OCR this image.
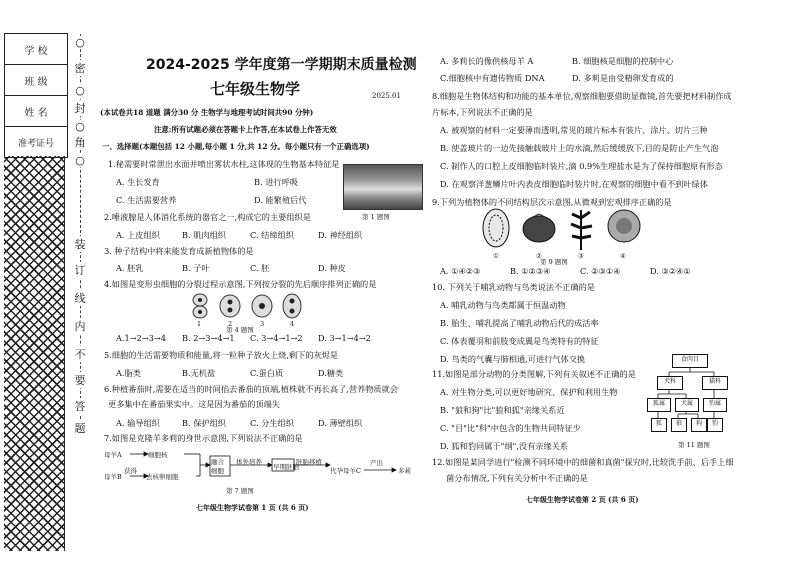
学 校
班 级
姓 名
准考证号
○
密
○
封
○
角
○
装
订
线
内
不
要
答
题
2024-2025 学年度第一学期期末质量检测
七年级生物学	2025.01
(本试卷共18 道题 满分30 分 生物学与地理考试时间共90 分钟)
注意:所有试题必须在答题卡上作答,在本试卷上作答无效
一、选择题(本题包括 12 小题,每小题 1 分,共 12 分。每小题只有一个正确选项)
1.秘需要时常泄出水面并喷出雾状水柱,这体现的生物基本特征是
A. 生长发育	B. 进行呼吸
C. 生活需要营养	D. 能繁殖后代
第 1 题图
2.唾液腺是人体消化系统的器官之一,构成它的主要组织是
A. 上皮组织	B. 肌肉组织	C. 结缔组织	D. 神经组织
3. 种子结构中将来能发育成新植物体的是
A. 胚乳	B. 子叶	C. 胚	D. 种皮
4.如图是变形虫细胞的分裂过程示意图,下列按分裂的先后顺序排列正确的是
1	2	3	4
第 4 题图
A.1→2→3→4 B. 2→3→4→1 C. 3→4→1→2 D. 3→1→4→2
5.细胞的生活需要物质和能量,将一粒种子放火上烧,剩下的灰烬是
A.脂类	B.无机盐	C.蛋白质	D.糖类
6.种植番茄时,需要在适当的时间掐去番茄的顶端,植株就不再长高了,营养物质就会
更多集中在番茄果实中。这是因为番茄的顶端失
A. 输导组织	B. 保护组织	C. 分生组织	D. 薄壁组织
7.如图是克隆羊多莉的身世示意图,下列说法不正确的是
母羊A	细胞核
获得
母羊B	去核卵细胞
融合
细胞
体外培养
早期胚胎
胚胎移植
代孕母羊C
产出
多莉
第 7 题图
七年级生物学试卷第 1 页 (共 6 页)
A. 多莉长的像供核母羊 A	B. 细胞核是细胞的控制中心
C.细胞核中有遗传物质 DNA	D. 多莉是由受精卵发育成的
8.细胞是生物体结构和功能的基本单位,观察细胞要借助显微镜,首先要把材料制作成
片标本,下列说法不正确的是
A. 被观察的材料一定要薄而透明,常见的玻片标本有装片、涂片、切片三种
B. 使盖玻片的一边先接触载玻片上的水滴,然后缓缓放下,目的是防止产生气泡
C. 制作人的口腔上皮细胞临时装片,滴 0.9%生理盐水是为了保持细胞原有形态
D. 在观察洋葱鳞片叶内表皮细胞临时装片时,在观察的细胞中看不到叶绿体
9.下列为植物体的不同结构层次示意图,从微观到宏观排序正确的是
①	②	③	④
第 9 题图
A. ①④②③	B. ①②③④	C. ②③①④	D. ③②④①
10. 下列关于哺乳动物与鸟类说法不正确的是
A. 哺乳动物与鸟类都属于恒温动物
B. 胎生、哺乳提高了哺乳动物后代的成活率
C. 体表覆羽和前肢变成翼是鸟类特有的特征
D. 鸟类的气囊与肺相通,可进行气体交换
11.如图是部分动物的分类图解,下列有关叙述不正确的是
A. 对生物分类,可以更好地研究、保护和利用生物
B. "狼和狗"比"狼和狐"亲缘关系近
C. "目"比"科"中包含的生物共同特征少
D. 狐和豹同属于"纲",没有亲缘关系
食肉目
犬科	猫科
狐属	犬属	豹属
狐	狼	狗	豹
第 11 题图
12.如图是某同学进行"检测不同环境中的细菌和真菌"探究时,比较洗手前、后手上细
菌分布情况,下列有关分析中不正确的是
七年级生物学试卷第 2 页 (共 6 页)
